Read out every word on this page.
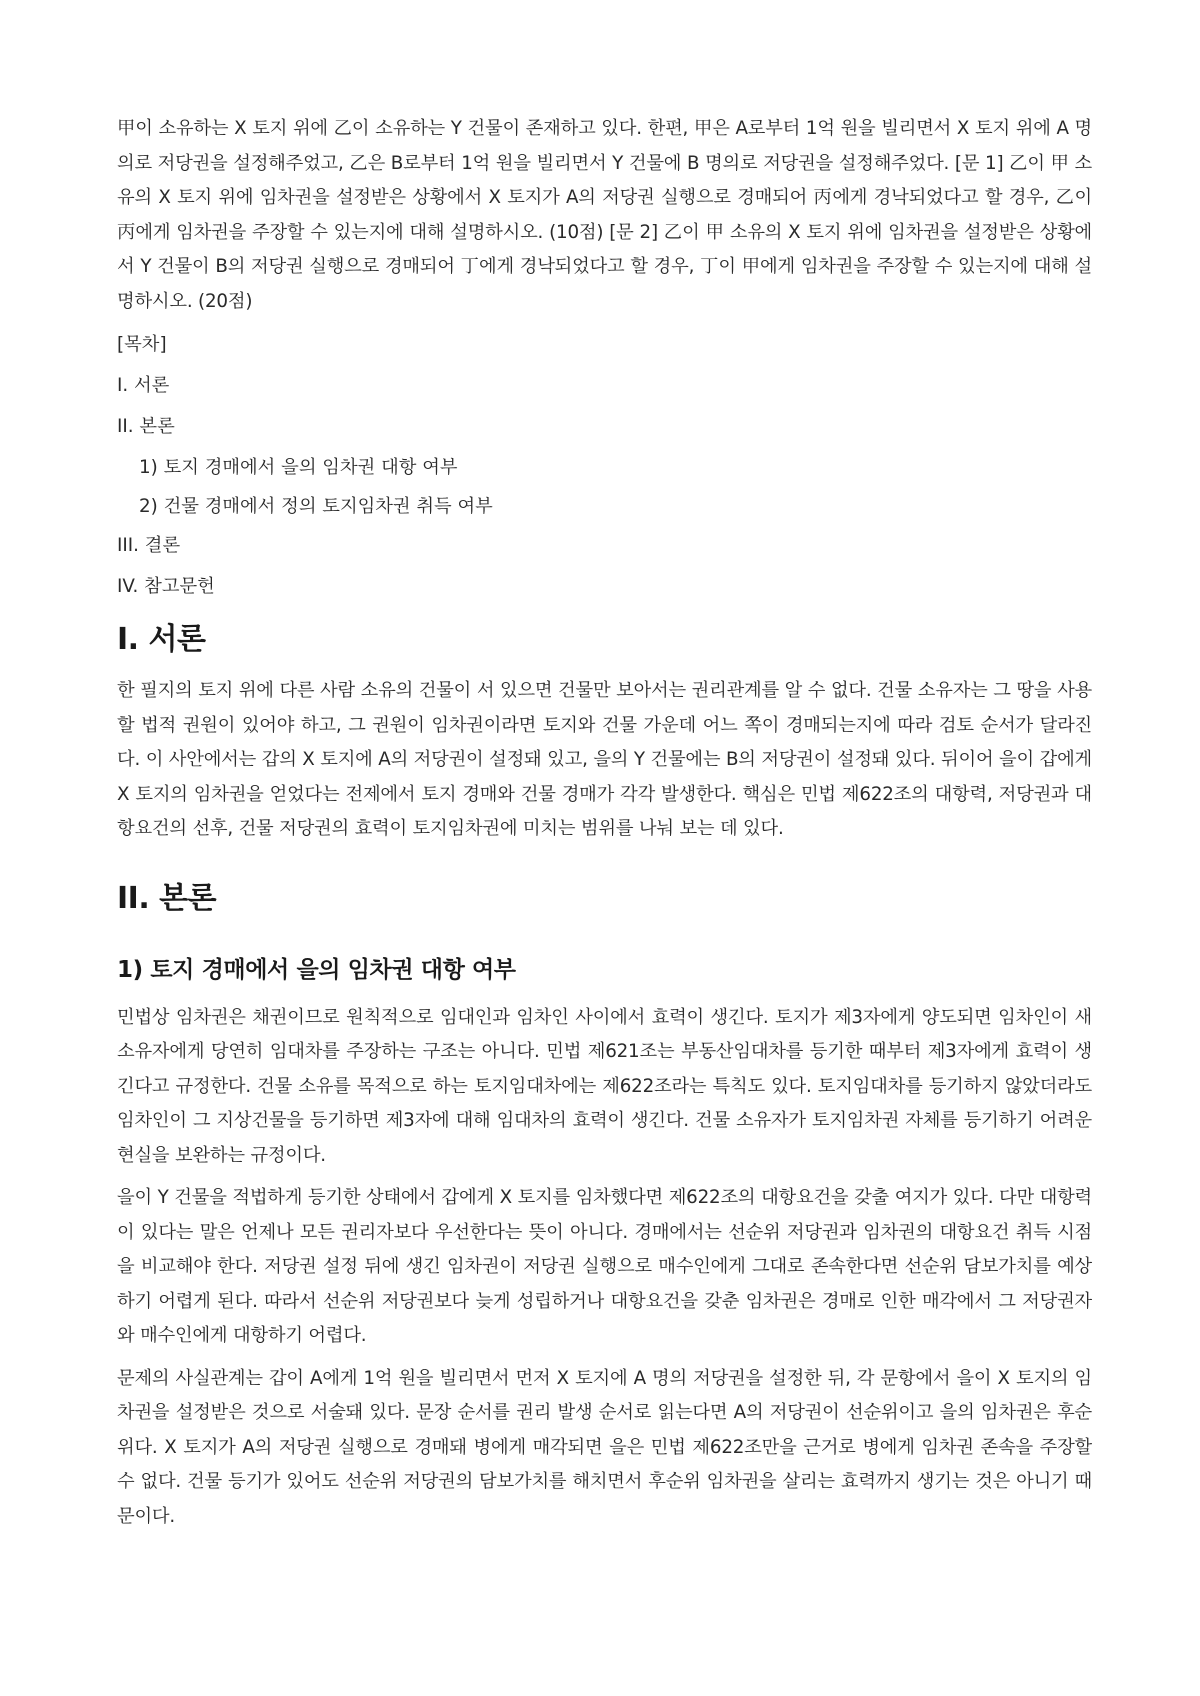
甲이 소유하는 X 토지 위에 乙이 소유하는 Y 건물이 존재하고 있다. 한편, 甲은 A로부터 1억 원을 빌리면서 X 토지 위에 A 명의로 저당권을 설정해주었고, 乙은 B로부터 1억 원을 빌리면서 Y 건물에 B 명의로 저당권을 설정해주었다. [문 1] 乙이 甲 소유의 X 토지 위에 임차권을 설정받은 상황에서 X 토지가 A의 저당권 실행으로 경매되어 丙에게 경낙되었다고 할 경우, 乙이 丙에게 임차권을 주장할 수 있는지에 대해 설명하시오. (10점) [문 2] 乙이 甲 소유의 X 토지 위에 임차권을 설정받은 상황에서 Y 건물이 B의 저당권 실행으로 경매되어 丁에게 경낙되었다고 할 경우, 丁이 甲에게 임차권을 주장할 수 있는지에 대해 설명하시오. (20점)

[목차]
I. 서론
II. 본론
1) 토지 경매에서 을의 임차권 대항 여부
2) 건물 경매에서 정의 토지임차권 취득 여부
III. 결론
IV. 참고문헌
I. 서론

한 필지의 토지 위에 다른 사람 소유의 건물이 서 있으면 건물만 보아서는 권리관계를 알 수 없다. 건물 소유자는 그 땅을 사용할 법적 권원이 있어야 하고, 그 권원이 임차권이라면 토지와 건물 가운데 어느 쪽이 경매되는지에 따라 검토 순서가 달라진다. 이 사안에서는 갑의 X 토지에 A의 저당권이 설정돼 있고, 을의 Y 건물에는 B의 저당권이 설정돼 있다. 뒤이어 을이 갑에게 X 토지의 임차권을 얻었다는 전제에서 토지 경매와 건물 경매가 각각 발생한다. 핵심은 민법 제622조의 대항력, 저당권과 대항요건의 선후, 건물 저당권의 효력이 토지임차권에 미치는 범위를 나눠 보는 데 있다.

II. 본론
1) 토지 경매에서 을의 임차권 대항 여부

민법상 임차권은 채권이므로 원칙적으로 임대인과 임차인 사이에서 효력이 생긴다. 토지가 제3자에게 양도되면 임차인이 새 소유자에게 당연히 임대차를 주장하는 구조는 아니다. 민법 제621조는 부동산임대차를 등기한 때부터 제3자에게 효력이 생긴다고 규정한다. 건물 소유를 목적으로 하는 토지임대차에는 제622조라는 특칙도 있다. 토지임대차를 등기하지 않았더라도 임차인이 그 지상건물을 등기하면 제3자에 대해 임대차의 효력이 생긴다. 건물 소유자가 토지임차권 자체를 등기하기 어려운 현실을 보완하는 규정이다.

을이 Y 건물을 적법하게 등기한 상태에서 갑에게 X 토지를 임차했다면 제622조의 대항요건을 갖출 여지가 있다. 다만 대항력이 있다는 말은 언제나 모든 권리자보다 우선한다는 뜻이 아니다. 경매에서는 선순위 저당권과 임차권의 대항요건 취득 시점을 비교해야 한다. 저당권 설정 뒤에 생긴 임차권이 저당권 실행으로 매수인에게 그대로 존속한다면 선순위 담보가치를 예상하기 어렵게 된다. 따라서 선순위 저당권보다 늦게 성립하거나 대항요건을 갖춘 임차권은 경매로 인한 매각에서 그 저당권자와 매수인에게 대항하기 어렵다.

문제의 사실관계는 갑이 A에게 1억 원을 빌리면서 먼저 X 토지에 A 명의 저당권을 설정한 뒤, 각 문항에서 을이 X 토지의 임차권을 설정받은 것으로 서술돼 있다. 문장 순서를 권리 발생 순서로 읽는다면 A의 저당권이 선순위이고 을의 임차권은 후순위다. X 토지가 A의 저당권 실행으로 경매돼 병에게 매각되면 을은 민법 제622조만을 근거로 병에게 임차권 존속을 주장할 수 없다. 건물 등기가 있어도 선순위 저당권의 담보가치를 해치면서 후순위 임차권을 살리는 효력까지 생기는 것은 아니기 때문이다.
